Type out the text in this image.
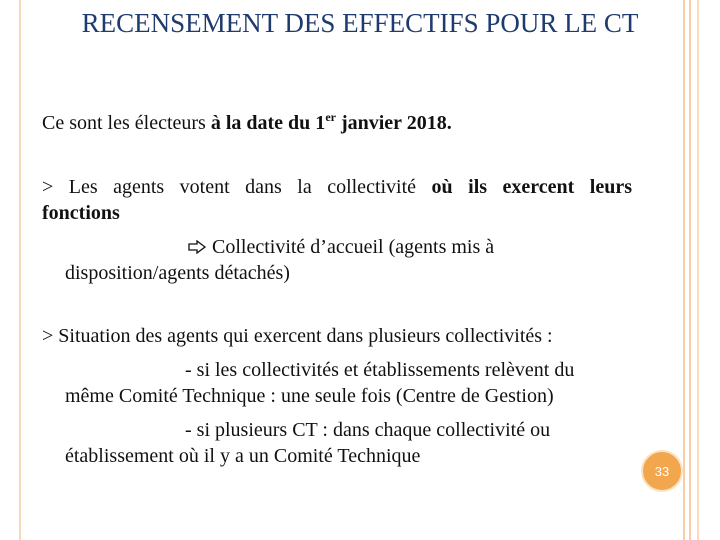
RECENSEMENT DES EFFECTIFS POUR LE CT

Ce sont les électeurs à la date du 1er janvier 2018.

> Les agents votent dans la collectivité où ils exercent leurs

fonctions

Collectivité d’accueil (agents mis à

disposition/agents détachés)

> Situation des agents qui exercent dans plusieurs collectivités :

- si les collectivités et établissements relèvent du

même Comité Technique : une seule fois (Centre de Gestion)

- si plusieurs CT : dans chaque collectivité ou

établissement où il y a un Comité Technique

33
